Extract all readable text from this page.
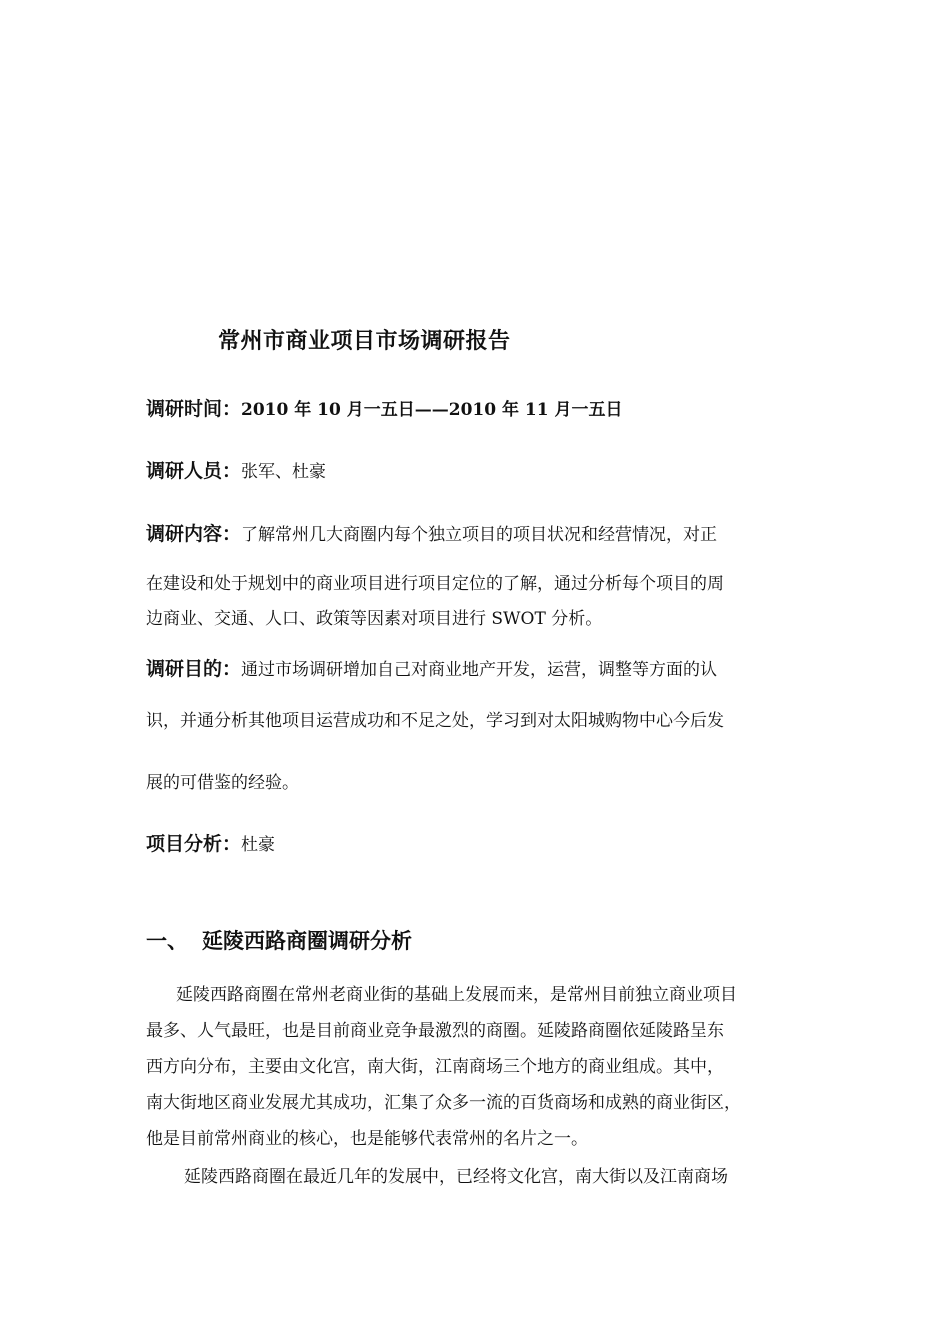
常州市商业项目市场调研报告
调研时间：2010 年 10 月一五日——2010 年 11 月一五日
调研人员：张军、杜豪
调研内容：了解常州几大商圈内每个独立项目的项目状况和经营情况，对正
在建设和处于规划中的商业项目进行项目定位的了解，通过分析每个项目的周
边商业、交通、人口、政策等因素对项目进行 SWOT 分析。
调研目的：通过市场调研增加自己对商业地产开发，运营，调整等方面的认
识，并通分析其他项目运营成功和不足之处，学习到对太阳城购物中心今后发
展的可借鉴的经验。
项目分析：杜豪
一、 延陵西路商圈调研分析
延陵西路商圈在常州老商业街的基础上发展而来，是常州目前独立商业项目
最多、人气最旺，也是目前商业竞争最激烈的商圈。延陵路商圈依延陵路呈东
西方向分布，主要由文化宫，南大街，江南商场三个地方的商业组成。其中，
南大街地区商业发展尤其成功，汇集了众多一流的百货商场和成熟的商业街区，
他是目前常州商业的核心，也是能够代表常州的名片之一。
延陵西路商圈在最近几年的发展中，已经将文化宫，南大街以及江南商场
